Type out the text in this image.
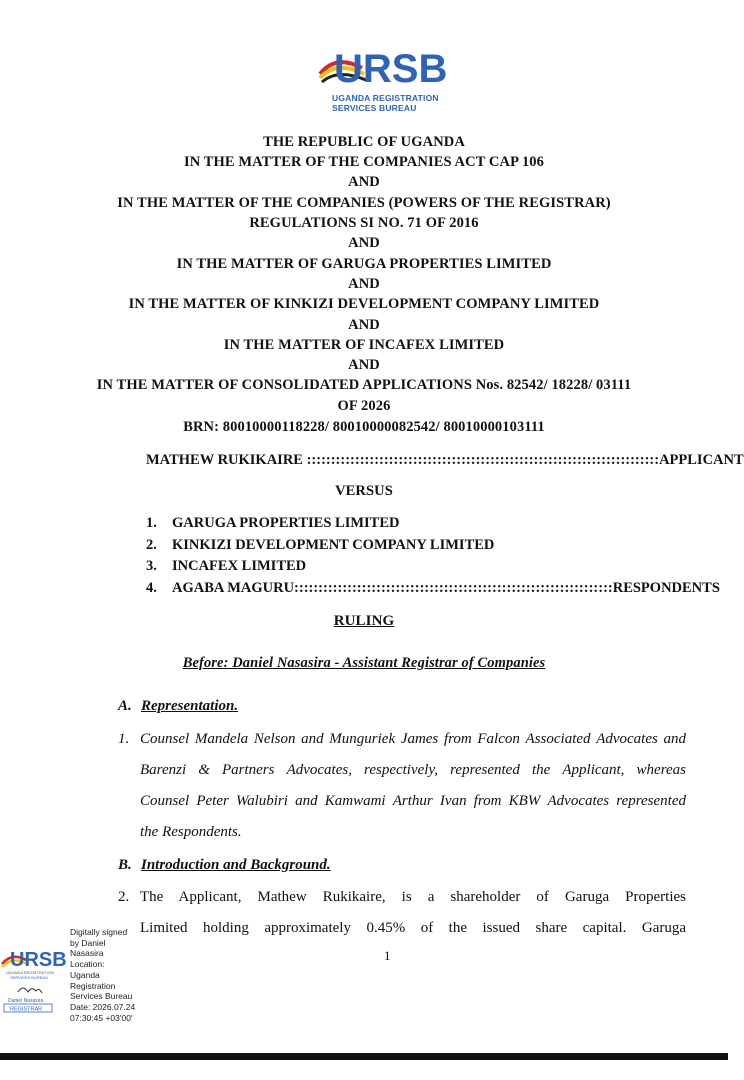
URSB
UGANDA REGISTRATION
SERVICES BUREAU
THE REPUBLIC OF UGANDA
IN THE MATTER OF THE COMPANIES ACT CAP 106
AND
IN THE MATTER OF THE COMPANIES (POWERS OF THE REGISTRAR)
REGULATIONS SI NO. 71 OF 2016
AND
IN THE MATTER OF GARUGA PROPERTIES LIMITED
AND
IN THE MATTER OF KINKIZI DEVELOPMENT COMPANY LIMITED
AND
IN THE MATTER OF INCAFEX LIMITED
AND
IN THE MATTER OF CONSOLIDATED APPLICATIONS Nos. 82542/ 18228/ 03111
OF 2026
BRN: 80010000118228/ 80010000082542/ 80010000103111
MATHEW RUKIKAIRE :::::::::::::::::::::::::::::::::::::::::::::::::::::::::::::::::::::::::APPLICANT
VERSUS
1. GARUGA PROPERTIES LIMITED
2. KINKIZI DEVELOPMENT COMPANY LIMITED
3. INCAFEX LIMITED
4. AGABA MAGURU::::::::::::::::::::::::::::::::::::::::::::::::::::::::::::::::::RESPONDENTS
RULING
Before: Daniel Nasasira - Assistant Registrar of Companies
A. Representation.
1. Counsel Mandela Nelson and Munguriek James from Falcon Associated Advocates and
Barenzi & Partners Advocates, respectively, represented the Applicant, whereas
Counsel Peter Walubiri and Kamwami Arthur Ivan from KBW Advocates represented
the Respondents.
B. Introduction and Background.
2. The Applicant, Mathew Rukikaire, is a shareholder of Garuga Properties
Limited holding approximately 0.45% of the issued share capital. Garuga
1
URSB
UGANDA REGISTRATION
SERVICES BUREAU
Daniel Nasasira
REGISTRAR
Digitally signed
by Daniel
Nasasira
Location:
Uganda
Registration
Services Bureau
Date: 2026.07.24
07:30:45 +03'00'
